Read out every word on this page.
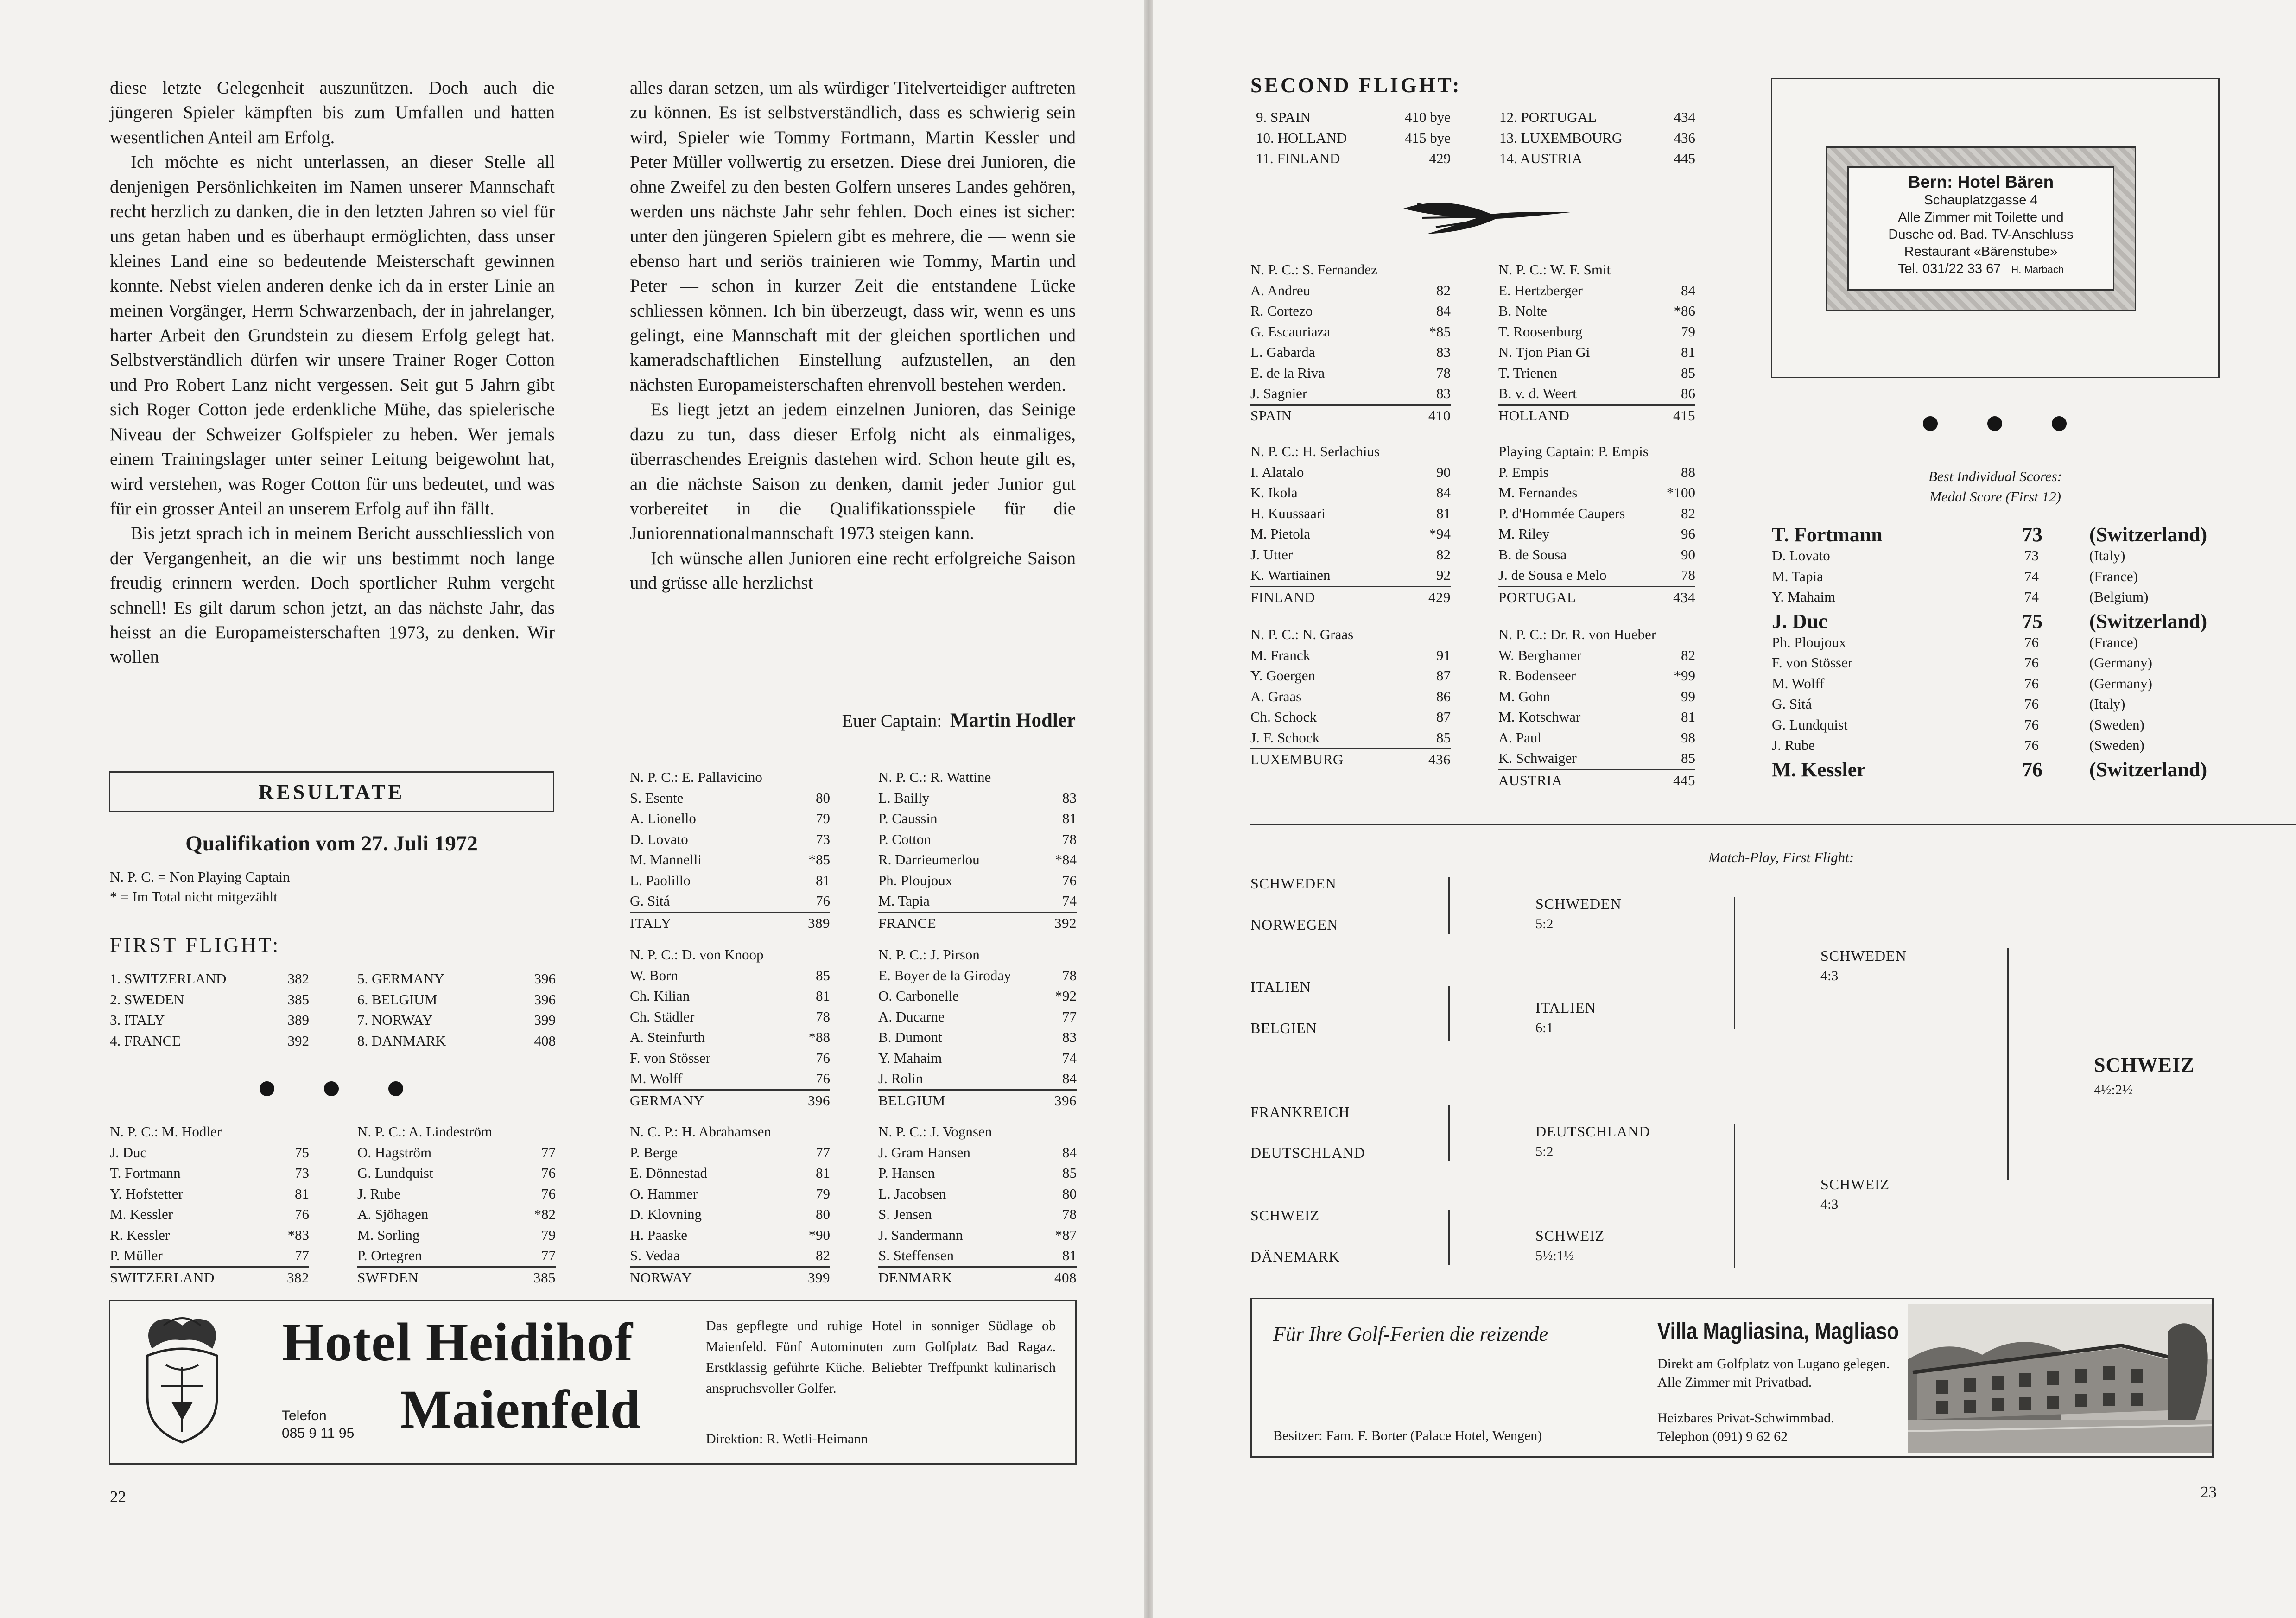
diese letzte Gelegenheit auszunützen. Doch auch die jüngeren Spieler kämpften bis zum Umfallen und hatten wesentlichen Anteil am Erfolg.

Ich möchte es nicht unterlassen, an dieser Stelle all denjenigen Persönlichkeiten im Namen unserer Mannschaft recht herzlich zu danken, die in den letzten Jahren so viel für uns getan haben und es überhaupt ermöglichten, dass unser kleines Land eine so bedeutende Meisterschaft gewinnen konnte. Nebst vielen anderen denke ich da in erster Linie an meinen Vorgänger, Herrn Schwarzenbach, der in jahrelanger, harter Arbeit den Grundstein zu diesem Erfolg gelegt hat. Selbstverständlich dürfen wir unsere Trainer Roger Cotton und Pro Robert Lanz nicht vergessen. Seit gut 5 Jahrn gibt sich Roger Cotton jede erdenkliche Mühe, das spielerische Niveau der Schweizer Golfspieler zu heben. Wer jemals einem Trainingslager unter seiner Leitung beigewohnt hat, wird verstehen, was Roger Cotton für uns bedeutet, und was für ein grosser Anteil an unserem Erfolg auf ihn fällt.

Bis jetzt sprach ich in meinem Bericht ausschliesslich von der Vergangenheit, an die wir uns bestimmt noch lange freudig erinnern werden. Doch sportlicher Ruhm vergeht schnell! Es gilt darum schon jetzt, an das nächste Jahr, das heisst an die Europameisterschaften 1973, zu denken. Wir wollen

alles daran setzen, um als würdiger Titelverteidiger auftreten zu können. Es ist selbstverständlich, dass es schwierig sein wird, Spieler wie Tommy Fortmann, Martin Kessler und Peter Müller vollwertig zu ersetzen. Diese drei Junioren, die ohne Zweifel zu den besten Golfern unseres Landes gehören, werden uns nächste Jahr sehr fehlen. Doch eines ist sicher: unter den jüngeren Spielern gibt es mehrere, die — wenn sie ebenso hart und seriös trainieren wie Tommy, Martin und Peter — schon in kurzer Zeit die entstandene Lücke schliessen können. Ich bin überzeugt, dass wir, wenn es uns gelingt, eine Mannschaft mit der gleichen sportlichen und kameradschaftlichen Einstellung aufzustellen, an den nächsten Europameisterschaften ehrenvoll bestehen werden.

Es liegt jetzt an jedem einzelnen Junioren, das Seinige dazu zu tun, dass dieser Erfolg nicht als einmaliges, überraschendes Ereignis dastehen wird. Schon heute gilt es, an die nächste Saison zu denken, damit jeder Junior gut vorbereitet in die Qualifikationsspiele für die Juniorennationalmannschaft 1973 steigen kann.

Ich wünsche allen Junioren eine recht erfolgreiche Saison und grüsse alle herzlichst

Euer Captain: Martin Hodler
RESULTATE
Qualifikation vom 27. Juli 1972
N. P. C. = Non Playing Captain
* = Im Total nicht mitgezählt
FIRST FLIGHT:
1. SWITZERLAND	382
2. SWEDEN	385
3. ITALY	389
4. FRANCE	392
5. GERMANY	396
6. BELGIUM	396
7. NORWAY	399
8. DANMARK	408
N. P. C.: M. Hodler
J. Duc	75
T. Fortmann	73
Y. Hofstetter	81
M. Kessler	76
R. Kessler	*83
P. Müller	77
SWITZERLAND	382
N. P. C.: A. Lindeström
O. Hagström	77
G. Lundquist	76
J. Rube	76
A. Sjöhagen	*82
M. Sorling	79
P. Ortegren	77
SWEDEN	385
N. P. C.: E. Pallavicino
S. Esente	80
A. Lionello	79
D. Lovato	73
M. Mannelli	*85
L. Paolillo	81
G. Sitá	76
ITALY	389
N. P. C.: R. Wattine
L. Bailly	83
P. Caussin	81
P. Cotton	78
R. Darrieumerlou	*84
Ph. Ploujoux	76
M. Tapia	74
FRANCE	392
N. P. C.: D. von Knoop
W. Born	85
Ch. Kilian	81
Ch. Städler	78
A. Steinfurth	*88
F. von Stösser	76
M. Wolff	76
GERMANY	396
N. P. C.: J. Pirson
E. Boyer de la Giroday	78
O. Carbonelle	*92
A. Ducarne	77
B. Dumont	83
Y. Mahaim	74
J. Rolin	84
BELGIUM	396
N. C. P.: H. Abrahamsen
P. Berge	77
E. Dönnestad	81
O. Hammer	79
D. Klovning	80
H. Paaske	*90
S. Vedaa	82
NORWAY	399
N. P. C.: J. Vognsen
J. Gram Hansen	84
P. Hansen	85
L. Jacobsen	80
S. Jensen	78
J. Sandermann	*87
S. Steffensen	81
DENMARK	408
Hotel Heidihof
Maienfeld
Telefon
085 9 11 95
Das gepflegte und ruhige Hotel in sonniger Südlage ob Maienfeld. Fünf Autominuten zum Golfplatz Bad Ragaz. Erstklassig geführte Küche. Beliebter Treffpunkt kulinarisch anspruchsvoller Golfer.
Direktion: R. Wetli-Heimann
22
SECOND FLIGHT:
9. SPAIN	410 bye
10. HOLLAND	415 bye
11. FINLAND	429
12. PORTUGAL	434
13. LUXEMBOURG	436
14. AUSTRIA	445
N. P. C.: S. Fernandez
A. Andreu	82
R. Cortezo	84
G. Escauriaza	*85
L. Gabarda	83
E. de la Riva	78
J. Sagnier	83
SPAIN	410
N. P. C.: W. F. Smit
E. Hertzberger	84
B. Nolte	*86
T. Roosenburg	79
N. Tjon Pian Gi	81
T. Trienen	85
B. v. d. Weert	86
HOLLAND	415
N. P. C.: H. Serlachius
I. Alatalo	90
K. Ikola	84
H. Kuussaari	81
M. Pietola	*94
J. Utter	82
K. Wartiainen	92
FINLAND	429
Playing Captain: P. Empis
P. Empis	88
M. Fernandes	*100
P. d'Hommée Caupers	82
M. Riley	96
B. de Sousa	90
J. de Sousa e Melo	78
PORTUGAL	434
N. P. C.: N. Graas
M. Franck	91
Y. Goergen	87
A. Graas	86
Ch. Schock	87
J. F. Schock	85
LUXEMBURG	436
N. P. C.: Dr. R. von Hueber
W. Berghamer	82
R. Bodenseer	*99
M. Gohn	99
M. Kotschwar	81
A. Paul	98
K. Schwaiger	85
AUSTRIA	445
Bern: Hotel Bären
Schauplatzgasse 4
Alle Zimmer mit Toilette und
Dusche od. Bad. TV-Anschluss
Restaurant «Bärenstube»
Tel. 031/22 33 67 H. Marbach
Best Individual Scores:
Medal Score (First 12)
T. Fortmann	73 (Switzerland)
D. Lovato	73	(Italy)
M. Tapia	74	(France)
Y. Mahaim	74	(Belgium)
J. Duc	75 (Switzerland)
Ph. Ploujoux	76	(France)
F. von Stösser	76	(Germany)
M. Wolff	76	(Germany)
G. Sitá	76	(Italy)
G. Lundquist	76	(Sweden)
J. Rube	76	(Sweden)
M. Kessler	76 (Switzerland)
Match-Play, First Flight:
SCHWEDEN
NORWEGEN
ITALIEN
BELGIEN
FRANKREICH
DEUTSCHLAND
SCHWEIZ
DÄNEMARK
SCHWEDEN
5:2
ITALIEN
6:1
DEUTSCHLAND
5:2
SCHWEIZ
5½:1½
SCHWEDEN
4:3
SCHWEIZ
4:3
SCHWEIZ
4½:2½
Für Ihre Golf-Ferien die reizende
Besitzer: Fam. F. Borter (Palace Hotel, Wengen)
Villa Magliasina, Magliaso
Direkt am Golfplatz von Lugano gelegen. Alle Zimmer mit Privatbad.
Heizbares Privat-Schwimmbad.
Telephon (091) 9 62 62
23
